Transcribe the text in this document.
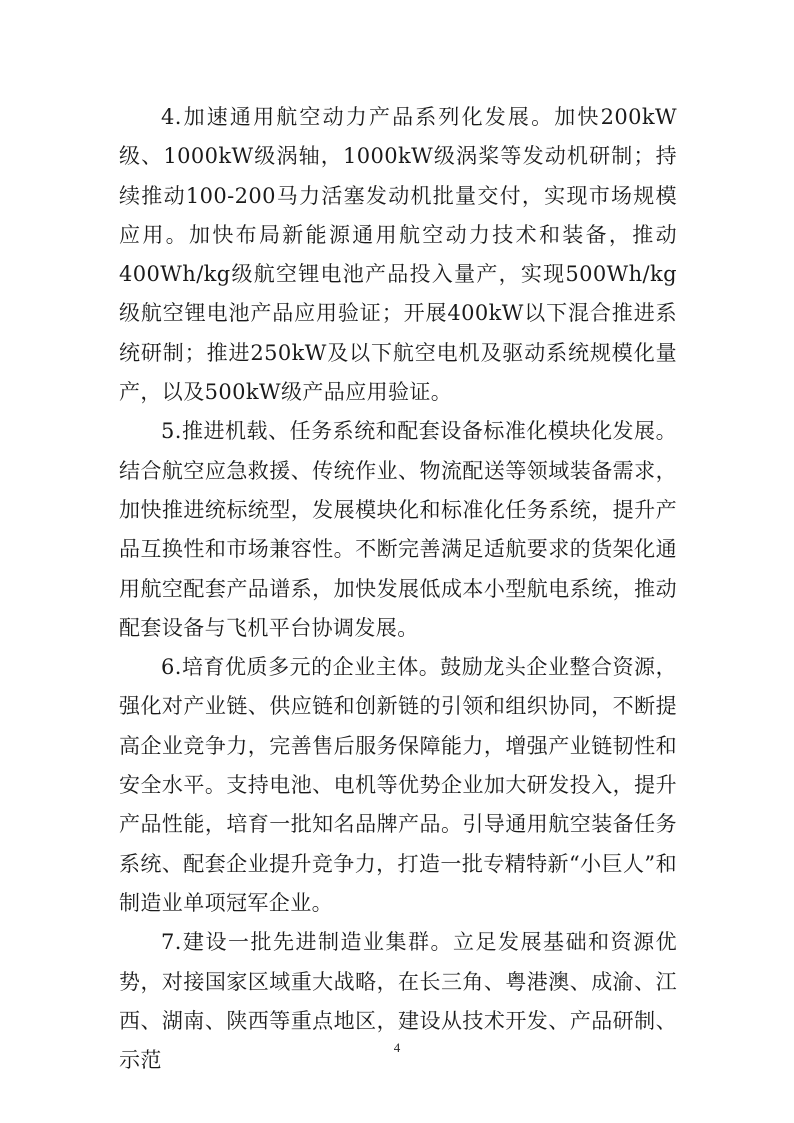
4.加速通用航空动力产品系列化发展。加快200kW级、1000kW级涡轴，1000kW级涡桨等发动机研制；持续推动100-200马力活塞发动机批量交付，实现市场规模应用。加快布局新能源通用航空动力技术和装备，推动400Wh/kg级航空锂电池产品投入量产，实现500Wh/kg级航空锂电池产品应用验证；开展400kW以下混合推进系统研制；推进250kW及以下航空电机及驱动系统规模化量产，以及500kW级产品应用验证。

5.推进机载、任务系统和配套设备标准化模块化发展。结合航空应急救援、传统作业、物流配送等领域装备需求，加快推进统标统型，发展模块化和标准化任务系统，提升产品互换性和市场兼容性。不断完善满足适航要求的货架化通用航空配套产品谱系，加快发展低成本小型航电系统，推动配套设备与飞机平台协调发展。

6.培育优质多元的企业主体。鼓励龙头企业整合资源，强化对产业链、供应链和创新链的引领和组织协同，不断提高企业竞争力，完善售后服务保障能力，增强产业链韧性和安全水平。支持电池、电机等优势企业加大研发投入，提升产品性能，培育一批知名品牌产品。引导通用航空装备任务系统、配套企业提升竞争力，打造一批专精特新“小巨人”和制造业单项冠军企业。

7.建设一批先进制造业集群。立足发展基础和资源优势，对接国家区域重大战略，在长三角、粤港澳、成渝、江西、湖南、陕西等重点地区，建设从技术开发、产品研制、示范

4
